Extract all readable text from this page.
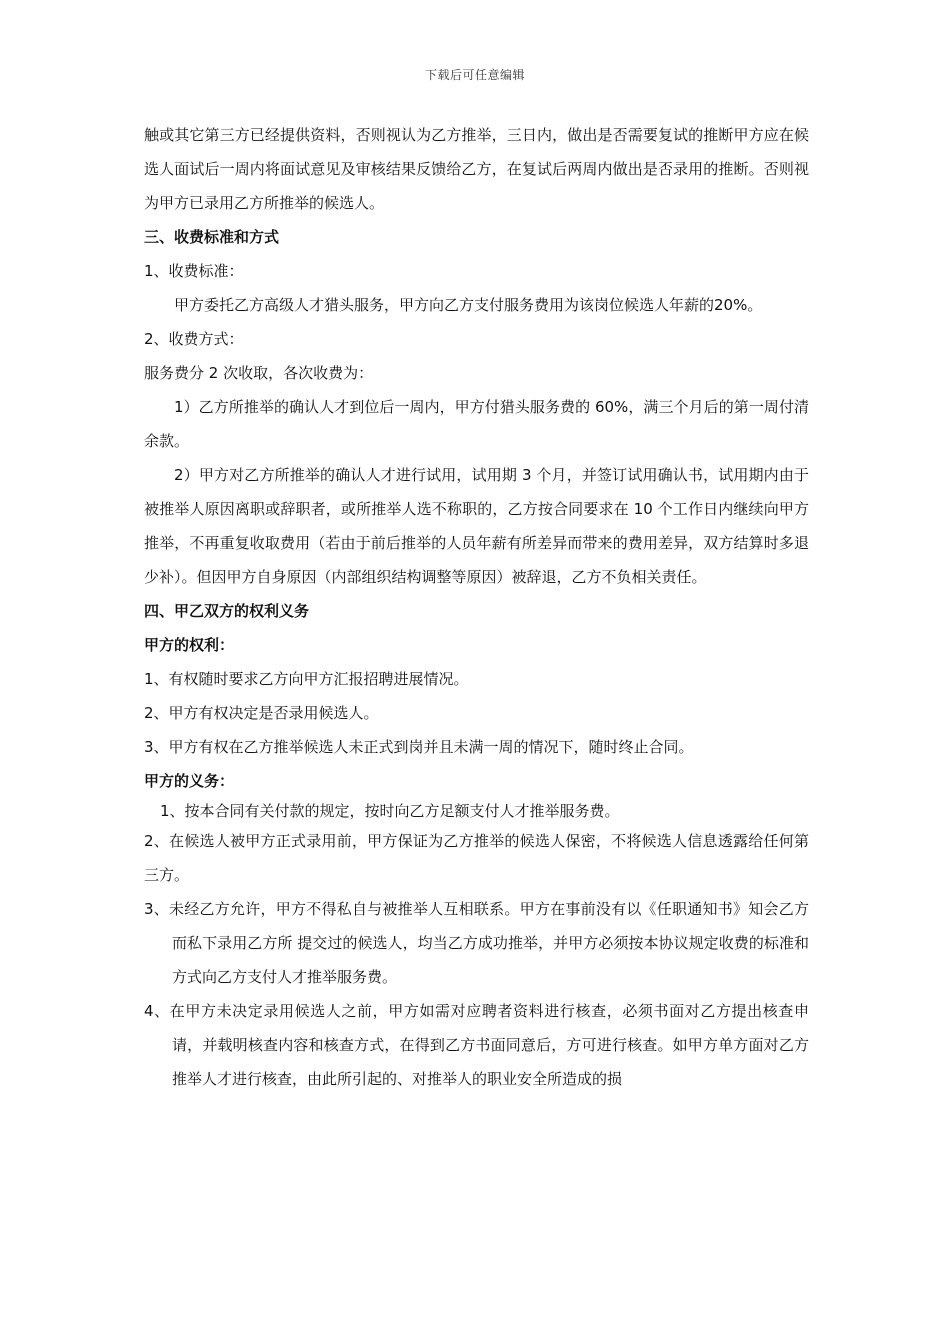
下载后可任意编辑

触或其它第三方已经提供资料，否则视认为乙方推举，三日内，做出是否需要复试的推断甲方应在候选人面试后一周内将面试意见及审核结果反馈给乙方，在复试后两周内做出是否录用的推断。否则视为甲方已录用乙方所推举的候选人。

三、收费标准和方式

1、收费标准：

甲方委托乙方高级人才猎头服务，甲方向乙方支付服务费用为该岗位候选人年薪的20%。

2、收费方式：

服务费分 2 次收取，各次收费为：

1）乙方所推举的确认人才到位后一周内，甲方付猎头服务费的 60%，满三个月后的第一周付清余款。

2）甲方对乙方所推举的确认人才进行试用，试用期 3 个月，并签订试用确认书，试用期内由于被推举人原因离职或辞职者，或所推举人选不称职的，乙方按合同要求在 10 个工作日内继续向甲方推举，不再重复收取费用（若由于前后推举的人员年薪有所差异而带来的费用差异，双方结算时多退少补）。但因甲方自身原因（内部组织结构调整等原因）被辞退，乙方不负相关责任。

四、甲乙双方的权利义务

甲方的权利：

1、有权随时要求乙方向甲方汇报招聘进展情况。

2、甲方有权决定是否录用候选人。

3、甲方有权在乙方推举候选人未正式到岗并且未满一周的情况下，随时终止合同。

甲方的义务：

1、按本合同有关付款的规定，按时向乙方足额支付人才推举服务费。

2、在候选人被甲方正式录用前，甲方保证为乙方推举的候选人保密，不将候选人信息透露给任何第三方。

3、未经乙方允许，甲方不得私自与被推举人互相联系。甲方在事前没有以《任职通知书》知会乙方而私下录用乙方所 提交过的候选人，均当乙方成功推举，并甲方必须按本协议规定收费的标准和方式向乙方支付人才推举服务费。

4、在甲方未决定录用候选人之前，甲方如需对应聘者资料进行核查，必须书面对乙方提出核查申请，并载明核查内容和核查方式，在得到乙方书面同意后，方可进行核查。如甲方单方面对乙方推举人才进行核查，由此所引起的、对推举人的职业安全所造成的损
